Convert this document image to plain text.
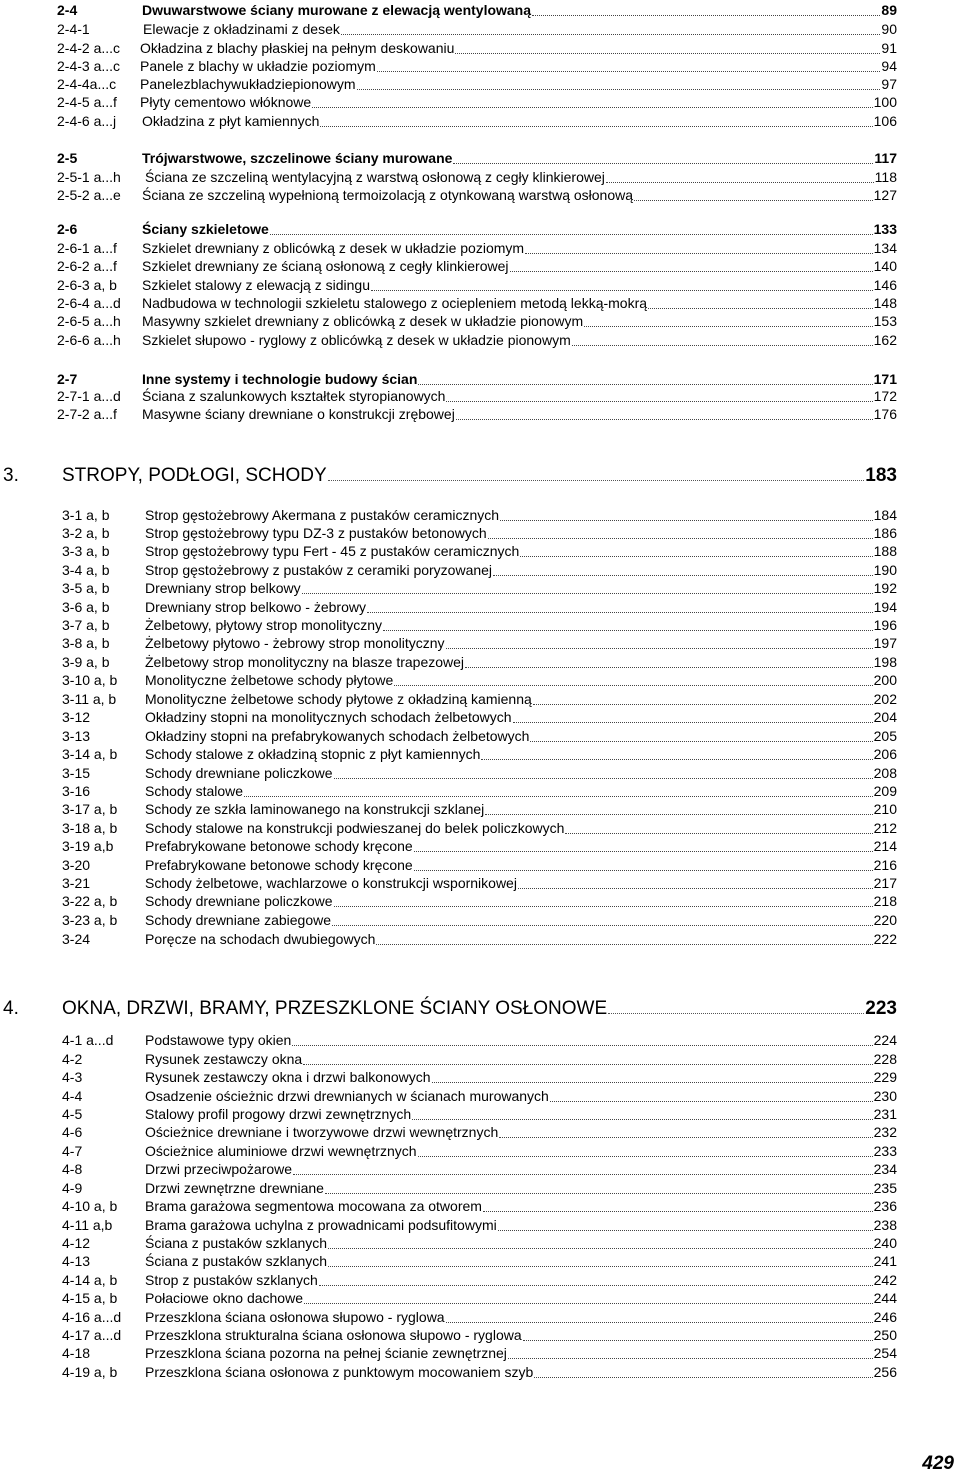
2-4	Dwuwarstwowe ściany murowane z elewacją wentylowaną	89
2-4-1	Elewacje z okładzinami z desek	90
2-4-2 a...c Okładzina z blachy płaskiej na pełnym deskowaniu	91
2-4-3 a...c Panele z blachy w układzie poziomym	94
2-4-4a...c Panelezblachywukładziepionowym	97
2-4-5 a...f Płyty cementowo włóknowe	100
2-4-6 a...j Okładzina z płyt kamiennych	106
2-5	Trójwarstwowe, szczelinowe ściany murowane	117
2-5-1 a...h Ściana ze szczeliną wentylacyjną z warstwą osłonową z cegły klinkierowej	118
2-5-2 a...e Ściana ze szczeliną wypełnioną termoizolacją z otynkowaną warstwą osłonową	127
2-6	Ściany szkieletowe	133
2-6-1 a...f Szkielet drewniany z oblicówką z desek w układzie poziomym	134
2-6-2 a...f Szkielet drewniany ze ścianą osłonową z cegły klinkierowej	140
2-6-3 a, b Szkielet stalowy z elewacją z sidingu	146
2-6-4 a...d Nadbudowa w technologii szkieletu stalowego z ociepleniem metodą lekką-mokrą	148
2-6-5 a...h Masywny szkielet drewniany z oblicówką z desek w układzie pionowym	153
2-6-6 a...h Szkielet słupowo - ryglowy z oblicówką z desek w układzie pionowym	162
2-7	Inne systemy i technologie budowy ścian	171
2-7-1 a...d Ściana z szalunkowych kształtek styropianowych	172
2-7-2 a...f Masywne ściany drewniane o konstrukcji zrębowej	176
3. STROPY, PODŁOGI, SCHODY	183
3-1 a, b	Strop gęstożebrowy Akermana z pustaków ceramicznych	184
3-2 a, b	Strop gęstożebrowy typu DZ-3 z pustaków betonowych	186
3-3 a, b	Strop gęstożebrowy typu Fert - 45 z pustaków ceramicznych	188
3-4 a, b	Strop gęstożebrowy z pustaków z ceramiki poryzowanej	190
3-5 a, b	Drewniany strop belkowy	192
3-6 a, b	Drewniany strop belkowo - żebrowy	194
3-7 a, b	Żelbetowy, płytowy strop monolityczny	196
3-8 a, b	Żelbetowy płytowo - żebrowy strop monolityczny	197
3-9 a, b	Żelbetowy strop monolityczny na blasze trapezowej	198
3-10 a, b Monolityczne żelbetowe schody płytowe	200
3-11 a, b Monolityczne żelbetowe schody płytowe z okładziną kamienną	202
3-12	Okładziny stopni na monolitycznych schodach żelbetowych	204
3-13	Okładziny stopni na prefabrykowanych schodach żelbetowych	205
3-14 a, b Schody stalowe z okładziną stopnic z płyt kamiennych	206
3-15	Schody drewniane policzkowe	208
3-16	Schody stalowe	209
3-17 a, b Schody ze szkła laminowanego na konstrukcji szklanej	210
3-18 a, b Schody stalowe na konstrukcji podwieszanej do belek policzkowych	212
3-19 a,b Prefabrykowane betonowe schody kręcone	214
3-20	Prefabrykowane betonowe schody kręcone	216
3-21	Schody żelbetowe, wachlarzowe o konstrukcji wspornikowej	217
3-22 a, b Schody drewniane policzkowe	218
3-23 a, b Schody drewniane zabiegowe	220
3-24	Poręcze na schodach dwubiegowych	222
4. OKNA, DRZWI, BRAMY, PRZESZKLONE ŚCIANY OSŁONOWE	223
4-1 a...d Podstawowe typy okien	224
4-2	Rysunek zestawczy okna	228
4-3	Rysunek zestawczy okna i drzwi balkonowych	229
4-4	Osadzenie ościeżnic drzwi drewnianych w ścianach murowanych	230
4-5	Stalowy profil progowy drzwi zewnętrznych	231
4-6	Ościeżnice drewniane i tworzywowe drzwi wewnętrznych	232
4-7	Ościeżnice aluminiowe drzwi wewnętrznych	233
4-8	Drzwi przeciwpożarowe	234
4-9	Drzwi zewnętrzne drewniane	235
4-10 a, b Brama garażowa segmentowa mocowana za otworem	236
4-11 a,b Brama garażowa uchylna z prowadnicami podsufitowymi	238
4-12	Ściana z pustaków szklanych	240
4-13	Ściana z pustaków szklanych	241
4-14 a, b Strop z pustaków szklanych	242
4-15 a, b Połaciowe okno dachowe	244
4-16 a...d Przeszklona ściana osłonowa słupowo - ryglowa	246
4-17 a...d Przeszklona strukturalna ściana osłonowa słupowo - ryglowa	250
4-18	Przeszklona ściana pozorna na pełnej ścianie zewnętrznej	254
4-19 a, b Przeszklona ściana osłonowa z punktowym mocowaniem szyb	256
429
